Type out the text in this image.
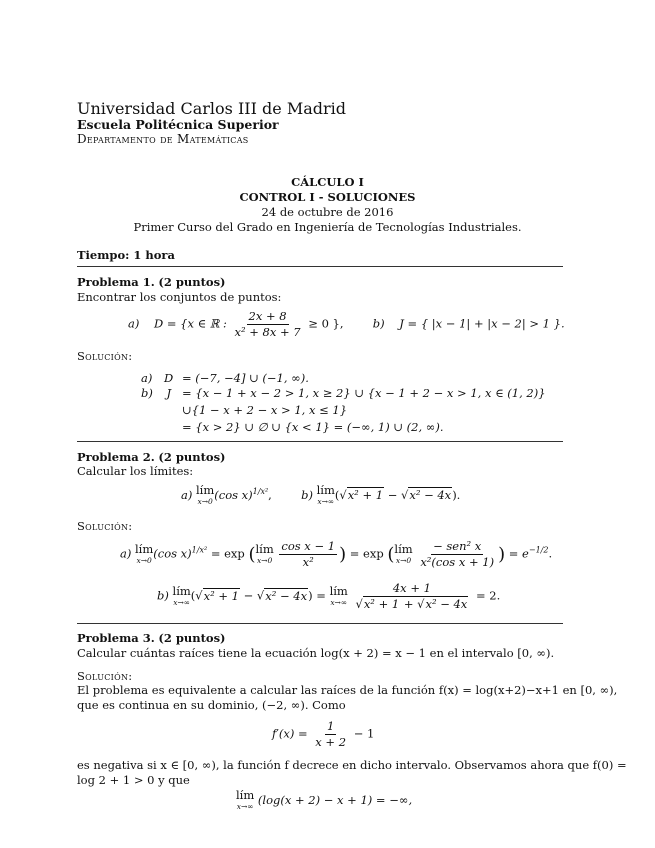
Universidad Carlos III de Madrid
Escuela Politécnica Superior
Departamento de Matemáticas
CÁLCULO I
CONTROL I - SOLUCIONES
24 de octubre de 2016
Primer Curso del Grado en Ingeniería de Tecnologías Industriales.
Tiempo: 1 hora
Problema 1. (2 puntos)
Encontrar los conjuntos de puntos:
a) D = {x ∈ ℝ : $\frac{2x + 8}{\text{x² + 8x + 7}} \ge 0$ },	b) J = { |x − 1| + |x − 2| > 1 }.
Solución:
a) D = (−7, −4] ∪ (−1, ∞).
b) J = {x − 1 + x − 2 > 1, x ≥ 2} ∪ {x − 1 + 2 − x > 1, x ∈ (1, 2)}
∪{1 − x + 2 − x > 1, x ≤ 1}
= {x > 2} ∪ ∅ ∪ {x < 1} = (−∞, 1) ∪ (2, ∞).
Problema 2. (2 puntos)
Calcular los límites:
a) lím
x→0 (cos x)$^{1/x^2}$,	b) lím
x→∞ (√x² + 1 − √x² − 4x).
Solución:
a) lím
x→0 (cos x)$^{1/x^2}$ = exp ( lím
x→0
$\frac{\text{cos x − 1}}{\text{x²}}$ ) = exp ( lím
x→0
$\frac{\text{− sen² x}}{\text{x²(cos x + 1)}}$ ) = $e^{-1/2}$.
b) lím
x→∞ (√x² + 1 − √x² − 4x) = lím
x→∞
$\frac{4x + 1}{\text{√x² + 1 + √x² − 4x}} = 2$.
Problema 3. (2 puntos)
Calcular cuántas raíces tiene la ecuación log(x + 2) = x − 1 en el intervalo [0, ∞).
Solución:
El problema es equivalente a calcular las raíces de la función f(x) = log(x+2)−x+1 en [0, ∞),
que es continua en su dominio, (−2, ∞). Como
$f'(x) = \frac{1}{x + 2} - 1$
es negativa si x ∈ [0, ∞), la función f decrece en dicho intervalo. Observamos ahora que f(0) =
log 2 + 1 > 0 y que
lím
x→∞ (log(x + 2) − x + 1) = −∞,
